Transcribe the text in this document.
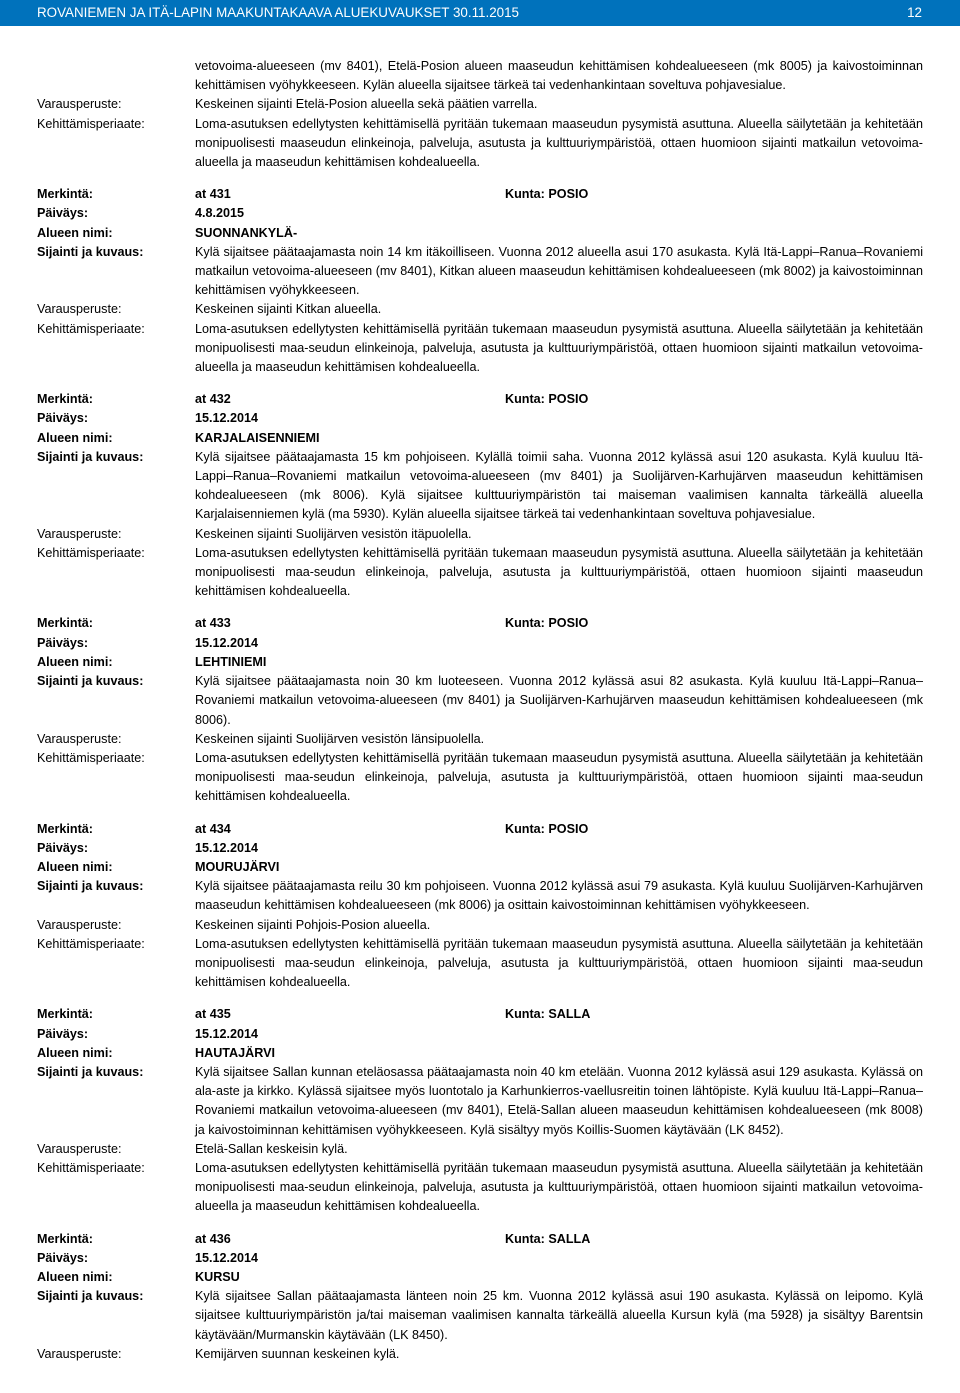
ROVANIEMEN JA ITÄ-LAPIN MAAKUNTAKAAVA ALUEKUVAUKSET 30.11.2015	12
vetovoima-alueeseen (mv 8401), Etelä-Posion alueen maaseudun kehittämisen kohdealueeseen (mk 8005) ja kaivostoiminnan kehittämisen vyöhykkeeseen. Kylän alueella sijaitsee tärkeä tai vedenhankintaan soveltuva pohjavesialue.
Varausperuste:	Keskeinen sijainti Etelä-Posion alueella sekä päätien varrella.
Kehittämisperiaate:	Loma-asutuksen edellytysten kehittämisellä pyritään tukemaan maaseudun pysymistä asuttuna. Alueella säilytetään ja kehitetään monipuolisesti maaseudun elinkeinoja, palveluja, asutusta ja kulttuuriympäristöä, ottaen huomioon sijainti matkailun vetovoima-alueella ja maaseudun kehittämisen kohdealueella.
Merkintä:	at 431	Kunta: POSIO
Päiväys:	4.8.2015
Alueen nimi:	SUONNANKYLÄ-
Sijainti ja kuvaus:	Kylä sijaitsee päätaajamasta noin 14 km itäkoilliseen. Vuonna 2012 alueella asui 170 asukasta. Kylä Itä-Lappi–Ranua–Rovaniemi matkailun vetovoima-alueeseen (mv 8401), Kitkan alueen maaseudun kehittämisen kohdealueeseen (mk 8002) ja kaivostoiminnan kehittämisen vyöhykkeeseen.
Varausperuste:	Keskeinen sijainti Kitkan alueella.
Kehittämisperiaate:	Loma-asutuksen edellytysten kehittämisellä pyritään tukemaan maaseudun pysymistä asuttuna. Alueella säilytetään ja kehitetään monipuolisesti maa-seudun elinkeinoja, palveluja, asutusta ja kulttuuriympäristöä, ottaen huomioon sijainti matkailun vetovoima-alueella ja maaseudun kehittämisen kohdealueella.
Merkintä:	at 432	Kunta: POSIO
Päiväys:	15.12.2014
Alueen nimi:	KARJALAISENNIEMI
Sijainti ja kuvaus:	Kylä sijaitsee päätaajamasta 15 km pohjoiseen. Kylällä toimii saha. Vuonna 2012 kylässä asui 120 asukasta. Kylä kuuluu Itä-Lappi–Ranua–Rovaniemi matkailun vetovoima-alueeseen (mv 8401) ja Suolijärven-Karhujärven maaseudun kehittämisen kohdealueeseen (mk 8006). Kylä sijaitsee kulttuuriympäristön tai maiseman vaalimisen kannalta tärkeällä alueella Karjalaisenniemen kylä (ma 5930). Kylän alueella sijaitsee tärkeä tai vedenhankintaan soveltuva pohjavesialue.
Varausperuste:	Keskeinen sijainti Suolijärven vesistön itäpuolella.
Kehittämisperiaate:	Loma-asutuksen edellytysten kehittämisellä pyritään tukemaan maaseudun pysymistä asuttuna. Alueella säilytetään ja kehitetään monipuolisesti maa-seudun elinkeinoja, palveluja, asutusta ja kulttuuriympäristöä, ottaen huomioon sijainti maaseudun kehittämisen kohdealueella.
Merkintä:	at 433	Kunta: POSIO
Päiväys:	15.12.2014
Alueen nimi:	LEHTINIEMI
Sijainti ja kuvaus:	Kylä sijaitsee päätaajamasta noin 30 km luoteeseen. Vuonna 2012 kylässä asui 82 asukasta. Kylä kuuluu Itä-Lappi–Ranua–Rovaniemi matkailun vetovoima-alueeseen (mv 8401) ja Suolijärven-Karhujärven maaseudun kehittämisen kohdealueeseen (mk 8006).
Varausperuste:	Keskeinen sijainti Suolijärven vesistön länsipuolella.
Kehittämisperiaate:	Loma-asutuksen edellytysten kehittämisellä pyritään tukemaan maaseudun pysymistä asuttuna. Alueella säilytetään ja kehitetään monipuolisesti maa-seudun elinkeinoja, palveluja, asutusta ja kulttuuriympäristöä, ottaen huomioon sijainti maa-seudun kehittämisen kohdealueella.
Merkintä:	at 434	Kunta: POSIO
Päiväys:	15.12.2014
Alueen nimi:	MOURUJÄRVI
Sijainti ja kuvaus:	Kylä sijaitsee päätaajamasta reilu 30 km pohjoiseen. Vuonna 2012 kylässä asui 79 asukasta. Kylä kuuluu Suolijärven-Karhujärven maaseudun kehittämisen kohdealueeseen (mk 8006) ja osittain kaivostoiminnan kehittämisen vyöhykkeeseen.
Varausperuste:	Keskeinen sijainti Pohjois-Posion alueella.
Kehittämisperiaate:	Loma-asutuksen edellytysten kehittämisellä pyritään tukemaan maaseudun pysymistä asuttuna. Alueella säilytetään ja kehitetään monipuolisesti maa-seudun elinkeinoja, palveluja, asutusta ja kulttuuriympäristöä, ottaen huomioon sijainti maa-seudun kehittämisen kohdealueella.
Merkintä:	at 435	Kunta: SALLA
Päiväys:	15.12.2014
Alueen nimi:	HAUTAJÄRVI
Sijainti ja kuvaus:	Kylä sijaitsee Sallan kunnan eteläosassa päätaajamasta noin 40 km etelään. Vuonna 2012 kylässä asui 129 asukasta. Kylässä on ala-aste ja kirkko. Kylässä sijaitsee myös luontotalo ja Karhunkierros-vaellusreitin toinen lähtöpiste. Kylä kuuluu Itä-Lappi–Ranua–Rovaniemi matkailun vetovoima-alueeseen (mv 8401), Etelä-Sallan alueen maaseudun kehittämisen kohdealueeseen (mk 8008) ja kaivostoiminnan kehittämisen vyöhykkeeseen. Kylä sisältyy myös Koillis-Suomen käytävään (LK 8452).
Varausperuste:	Etelä-Sallan keskeisin kylä.
Kehittämisperiaate:	Loma-asutuksen edellytysten kehittämisellä pyritään tukemaan maaseudun pysymistä asuttuna. Alueella säilytetään ja kehitetään monipuolisesti maa-seudun elinkeinoja, palveluja, asutusta ja kulttuuriympäristöä, ottaen huomioon sijainti matkailun vetovoima-alueella ja maaseudun kehittämisen kohdealueella.
Merkintä:	at 436	Kunta: SALLA
Päiväys:	15.12.2014
Alueen nimi:	KURSU
Sijainti ja kuvaus:	Kylä sijaitsee Sallan päätaajamasta länteen noin 25 km. Vuonna 2012 kylässä asui 190 asukasta. Kylässä on leipomo. Kylä sijaitsee kulttuuriympäristön ja/tai maiseman vaalimisen kannalta tärkeällä alueella Kursun kylä (ma 5928) ja sisältyy Barentsin käytävään/Murmanskin käytävään (LK 8450).
Varausperuste:	Kemijärven suunnan keskeinen kylä.
